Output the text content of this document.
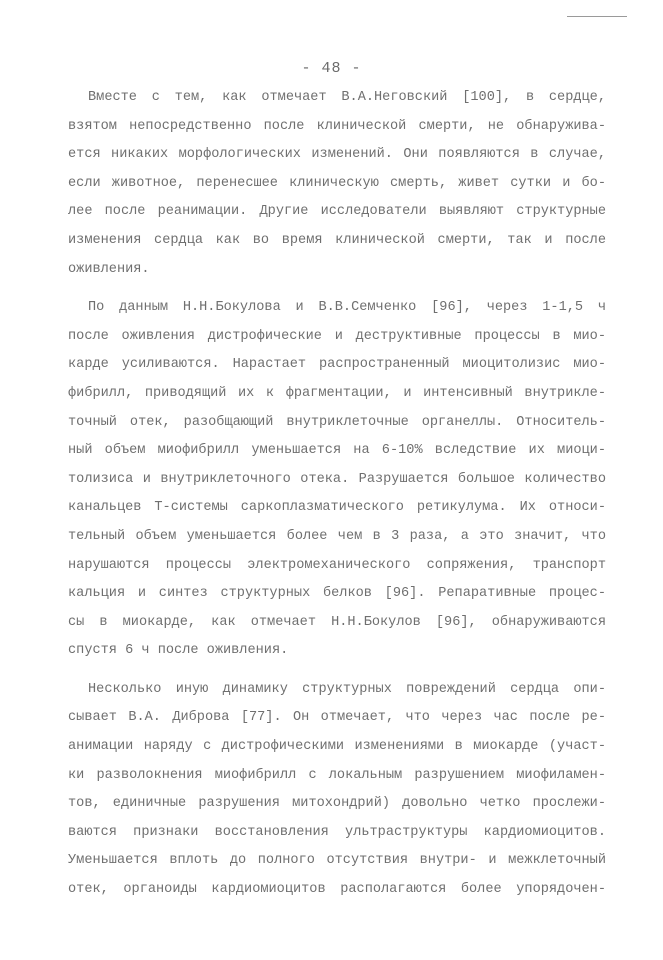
- 48 -
Вместе с тем, как отмечает В.А.Неговский [100], в сердце,
взятом непосредственно после клинической смерти, не обнаружива-
ется никаких морфологических изменений. Они появляются в случае,
если животное, перенесшее клиническую смерть, живет сутки и бо-
лее после реанимации. Другие исследователи выявляют структурные
изменения сердца как во время клинической смерти, так и после
оживления.
По данным Н.Н.Бокулова и В.В.Семченко [96], через 1-1,5 ч
после оживления дистрофические и деструктивные процессы в мио-
карде усиливаются. Нарастает распространенный миоцитолизис мио-
фибрилл, приводящий их к фрагментации, и интенсивный внутрикле-
точный отек, разобщающий внутриклеточные органеллы. Относитель-
ный объем миофибрилл уменьшается на 6-10% вследствие их миоци-
толизиса и внутриклеточного отека. Разрушается большое количество
канальцев Т-системы саркоплазматического ретикулума. Их относи-
тельный объем уменьшается более чем в 3 раза, а это значит, что
нарушаются процессы электромеханического сопряжения, транспорт
кальция и синтез структурных белков [96]. Репаративные процес-
сы в миокарде, как отмечает Н.Н.Бокулов [96], обнаруживаются
спустя 6 ч после оживления.
Несколько иную динамику структурных повреждений сердца опи-
сывает В.А. Диброва [77]. Он отмечает, что через час после ре-
анимации наряду с дистрофическими изменениями в миокарде (участ-
ки разволокнения миофибрилл с локальным разрушением миофиламен-
тов, единичные разрушения митохондрий) довольно четко прослежи-
ваются признаки восстановления ультраструктуры кардиомиоцитов.
Уменьшается вплоть до полного отсутствия внутри- и межклеточный
отек, органоиды кардиомиоцитов располагаются более упорядочен-
